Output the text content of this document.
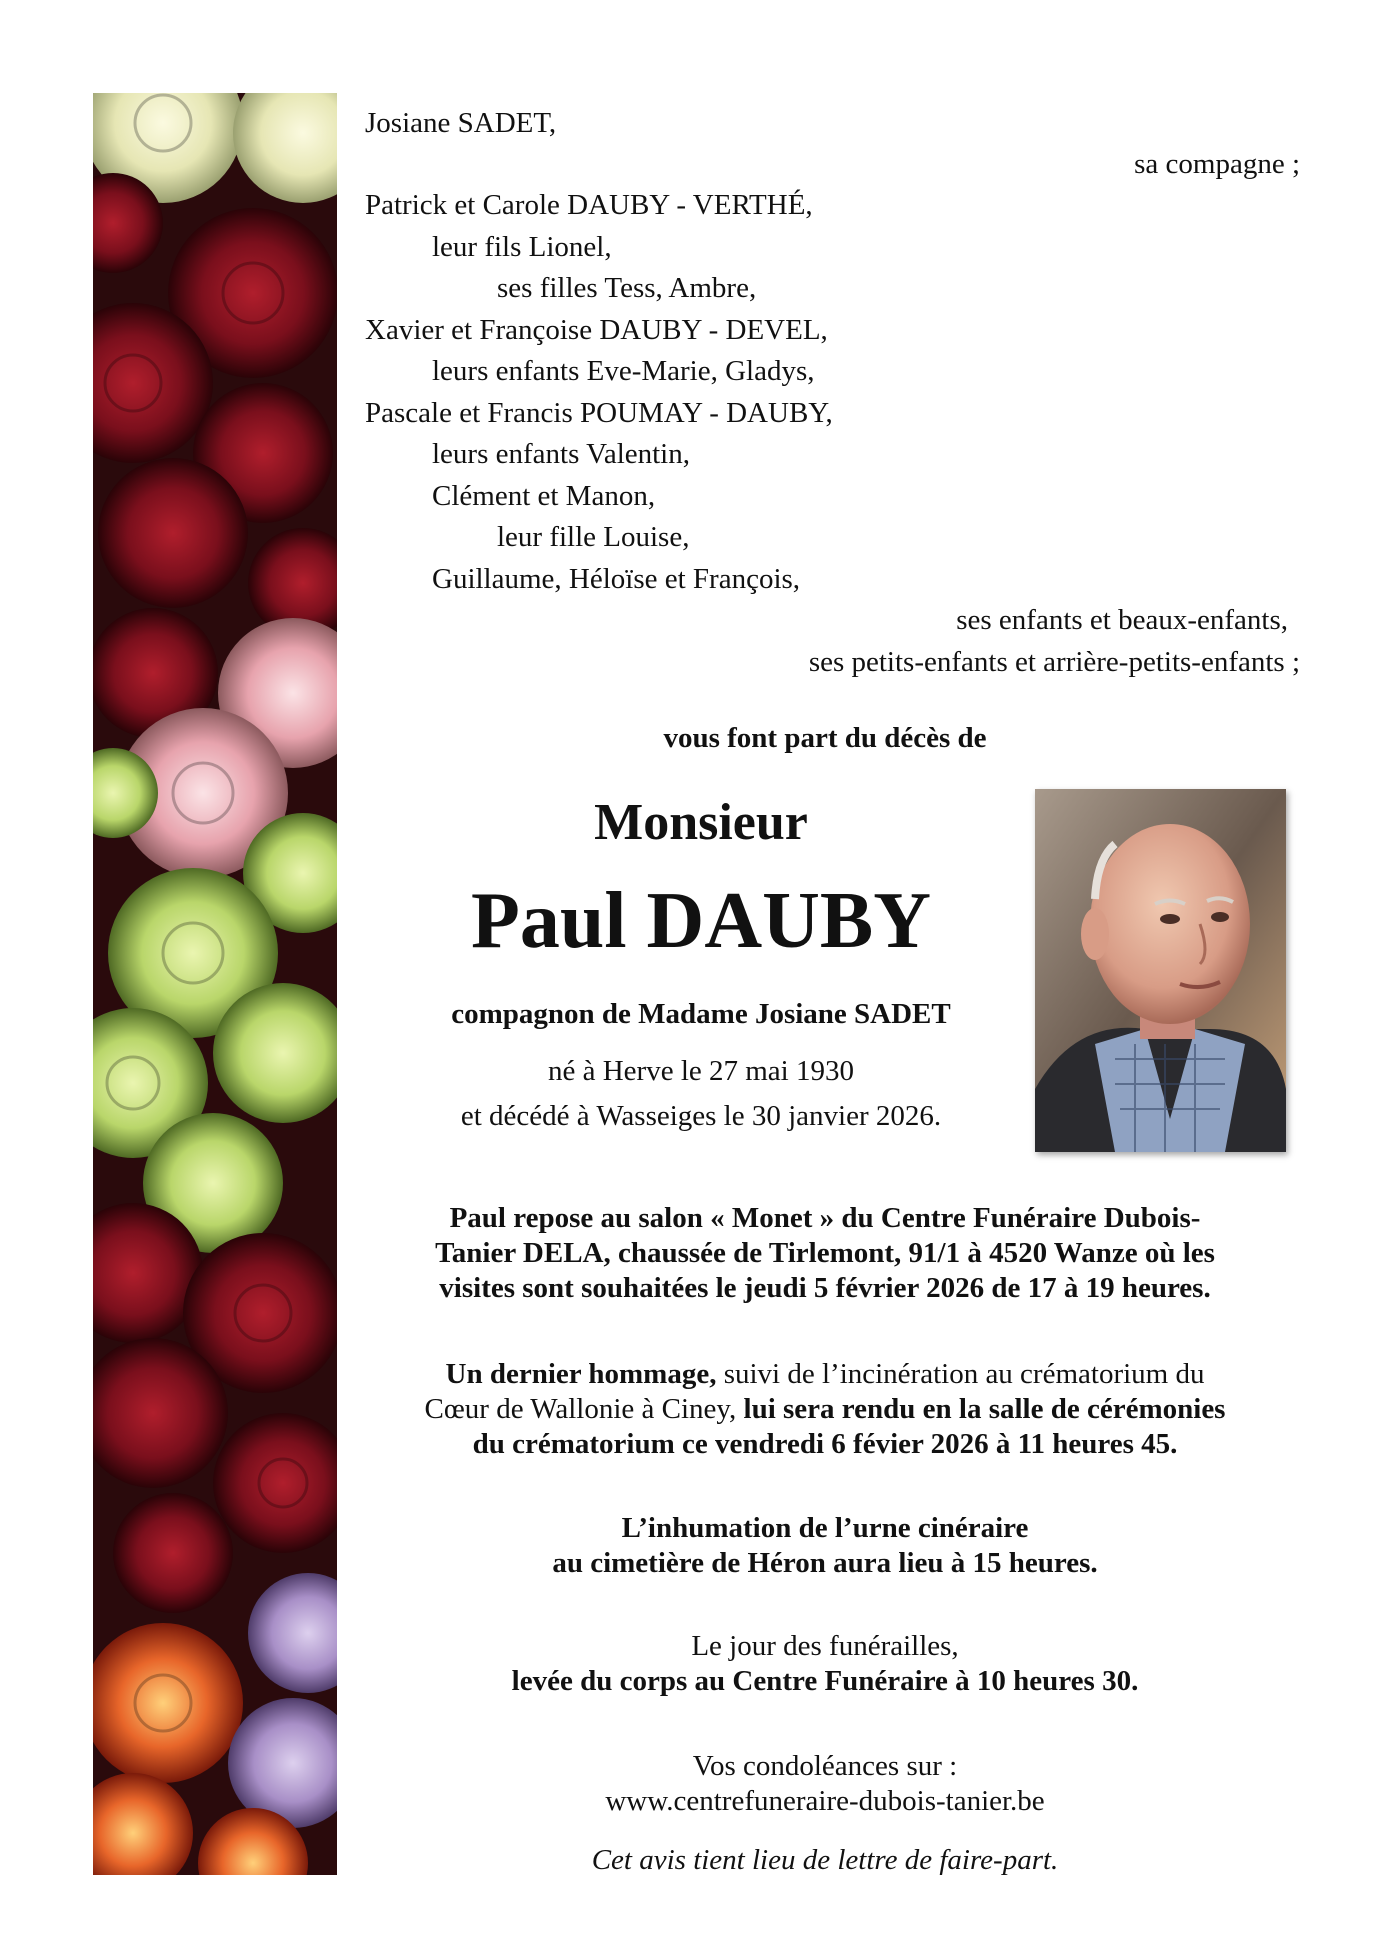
Josiane SADET,
sa compagne ;
Patrick et Carole DAUBY - VERTHÉ,
leur fils Lionel,
ses filles Tess, Ambre,
Xavier et Françoise DAUBY - DEVEL,
leurs enfants Eve-Marie, Gladys,
Pascale et Francis POUMAY - DAUBY,
leurs enfants Valentin,
Clément et Manon,
leur fille Louise,
Guillaume, Héloïse et François,
ses enfants et beaux-enfants,
ses petits-enfants et arrière-petits-enfants ;
vous font part du décès de
Monsieur
Paul DAUBY
compagnon de Madame Josiane SADET
né à Herve le 27 mai 1930
et décédé à Wasseiges le 30 janvier 2026.
Paul repose au salon « Monet » du Centre Funéraire Dubois-
Tanier DELA, chaussée de Tirlemont, 91/1 à 4520 Wanze où les
visites sont souhaitées le jeudi 5 février 2026 de 17 à 19 heures.
Un dernier hommage, suivi de l’incinération au crématorium du
Cœur de Wallonie à Ciney, lui sera rendu en la salle de cérémonies
du crématorium ce vendredi 6 févier 2026 à 11 heures 45.
L’inhumation de l’urne cinéraire
au cimetière de Héron aura lieu à 15 heures.
Le jour des funérailles,
levée du corps au Centre Funéraire à 10 heures 30.
Vos condoléances sur :
www.centrefuneraire-dubois-tanier.be
Cet avis tient lieu de lettre de faire-part.
